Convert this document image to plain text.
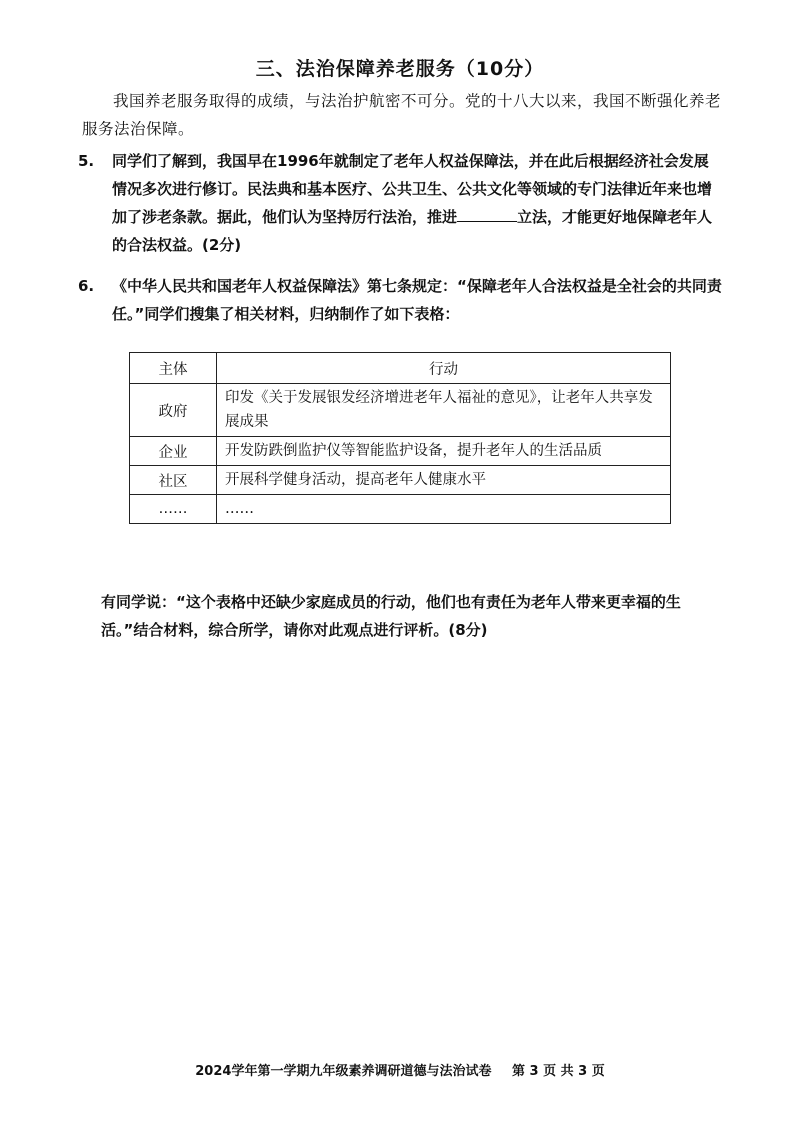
三、法治保障养老服务（10分）
我国养老服务取得的成绩，与法治护航密不可分。党的十八大以来，我国不断强化养老服务法治保障。
5. 同学们了解到，我国早在1996年就制定了老年人权益保障法，并在此后根据经济社会发展情况多次进行修订。民法典和基本医疗、公共卫生、公共文化等领域的专门法律近年来也增加了涉老条款。据此，他们认为坚持厉行法治，推进	立法，才能更好地保障老年人的合法权益。(2分)
6. 《中华人民共和国老年人权益保障法》第七条规定：“保障老年人合法权益是全社会的共同责任。”同学们搜集了相关材料，归纳制作了如下表格：
主体	行动
政府	印发《关于发展银发经济增进老年人福祉的意见》，让老年人共享发展成果
企业	开发防跌倒监护仪等智能监护设备，提升老年人的生活品质
社区	开展科学健身活动，提高老年人健康水平
……	……
有同学说：“这个表格中还缺少家庭成员的行动，他们也有责任为老年人带来更幸福的生活。”结合材料，综合所学，请你对此观点进行评析。(8分)
2024学年第一学期九年级素养调研道德与法治试卷 第 3 页 共 3 页
